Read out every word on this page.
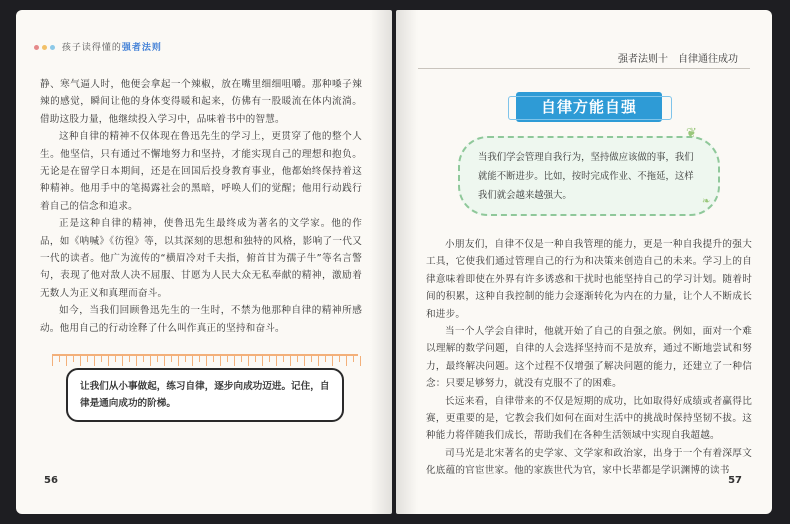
孩子读得懂的强者法则

静、寒气逼人时，他便会拿起一个辣椒，放在嘴里细细咀嚼。那种嗓子辣辣的感觉，瞬间让他的身体变得暖和起来，仿佛有一股暖流在体内流淌。借助这股力量，他继续投入学习中，品味着书中的智慧。

这种自律的精神不仅体现在鲁迅先生的学习上，更贯穿了他的整个人生。他坚信，只有通过不懈地努力和坚持，才能实现自己的理想和抱负。无论是在留学日本期间，还是在回国后投身教育事业，他都始终保持着这种精神。他用手中的笔揭露社会的黑暗，呼唤人们的觉醒；他用行动践行着自己的信念和追求。

正是这种自律的精神，使鲁迅先生最终成为著名的文学家。他的作品，如《呐喊》《彷徨》等，以其深刻的思想和独特的风格，影响了一代又一代的读者。他广为流传的“横眉冷对千夫指，俯首甘为孺子牛”等名言警句，表现了他对敌人决不屈服、甘愿为人民大众无私奉献的精神，激励着无数人为正义和真理而奋斗。

如今，当我们回顾鲁迅先生的一生时，不禁为他那种自律的精神所感动。他用自己的行动诠释了什么叫作真正的坚持和奋斗。

让我们从小事做起，练习自律，逐步向成功迈进。记住，自律是通向成功的阶梯。
56
强者法则十　自律通往成功
自律方能自强
当我们学会管理自我行为，坚持做应该做的事，我们就能不断进步。比如，按时完成作业、不拖延，这样我们就会越来越强大。
❦
❧

小朋友们，自律不仅是一种自我管理的能力，更是一种自我提升的强大工具，它使我们通过管理自己的行为和决策来创造自己的未来。学习上的自律意味着即使在外界有许多诱惑和干扰时也能坚持自己的学习计划。随着时间的积累，这种自我控制的能力会逐渐转化为内在的力量，让个人不断成长和进步。

当一个人学会自律时，他就开始了自己的自强之旅。例如，面对一个难以理解的数学问题，自律的人会选择坚持而不是放弃，通过不断地尝试和努力，最终解决问题。这个过程不仅增强了解决问题的能力，还建立了一种信念：只要足够努力，就没有克服不了的困难。

长远来看，自律带来的不仅是短期的成功，比如取得好成绩或者赢得比赛，更重要的是，它教会我们如何在面对生活中的挑战时保持坚韧不拔。这种能力将伴随我们成长，帮助我们在各种生活领域中实现自我超越。

司马光是北宋著名的史学家、文学家和政治家，出身于一个有着深厚文化底蕴的官宦世家。他的家族世代为官，家中长辈都是学识渊博的读书

57
